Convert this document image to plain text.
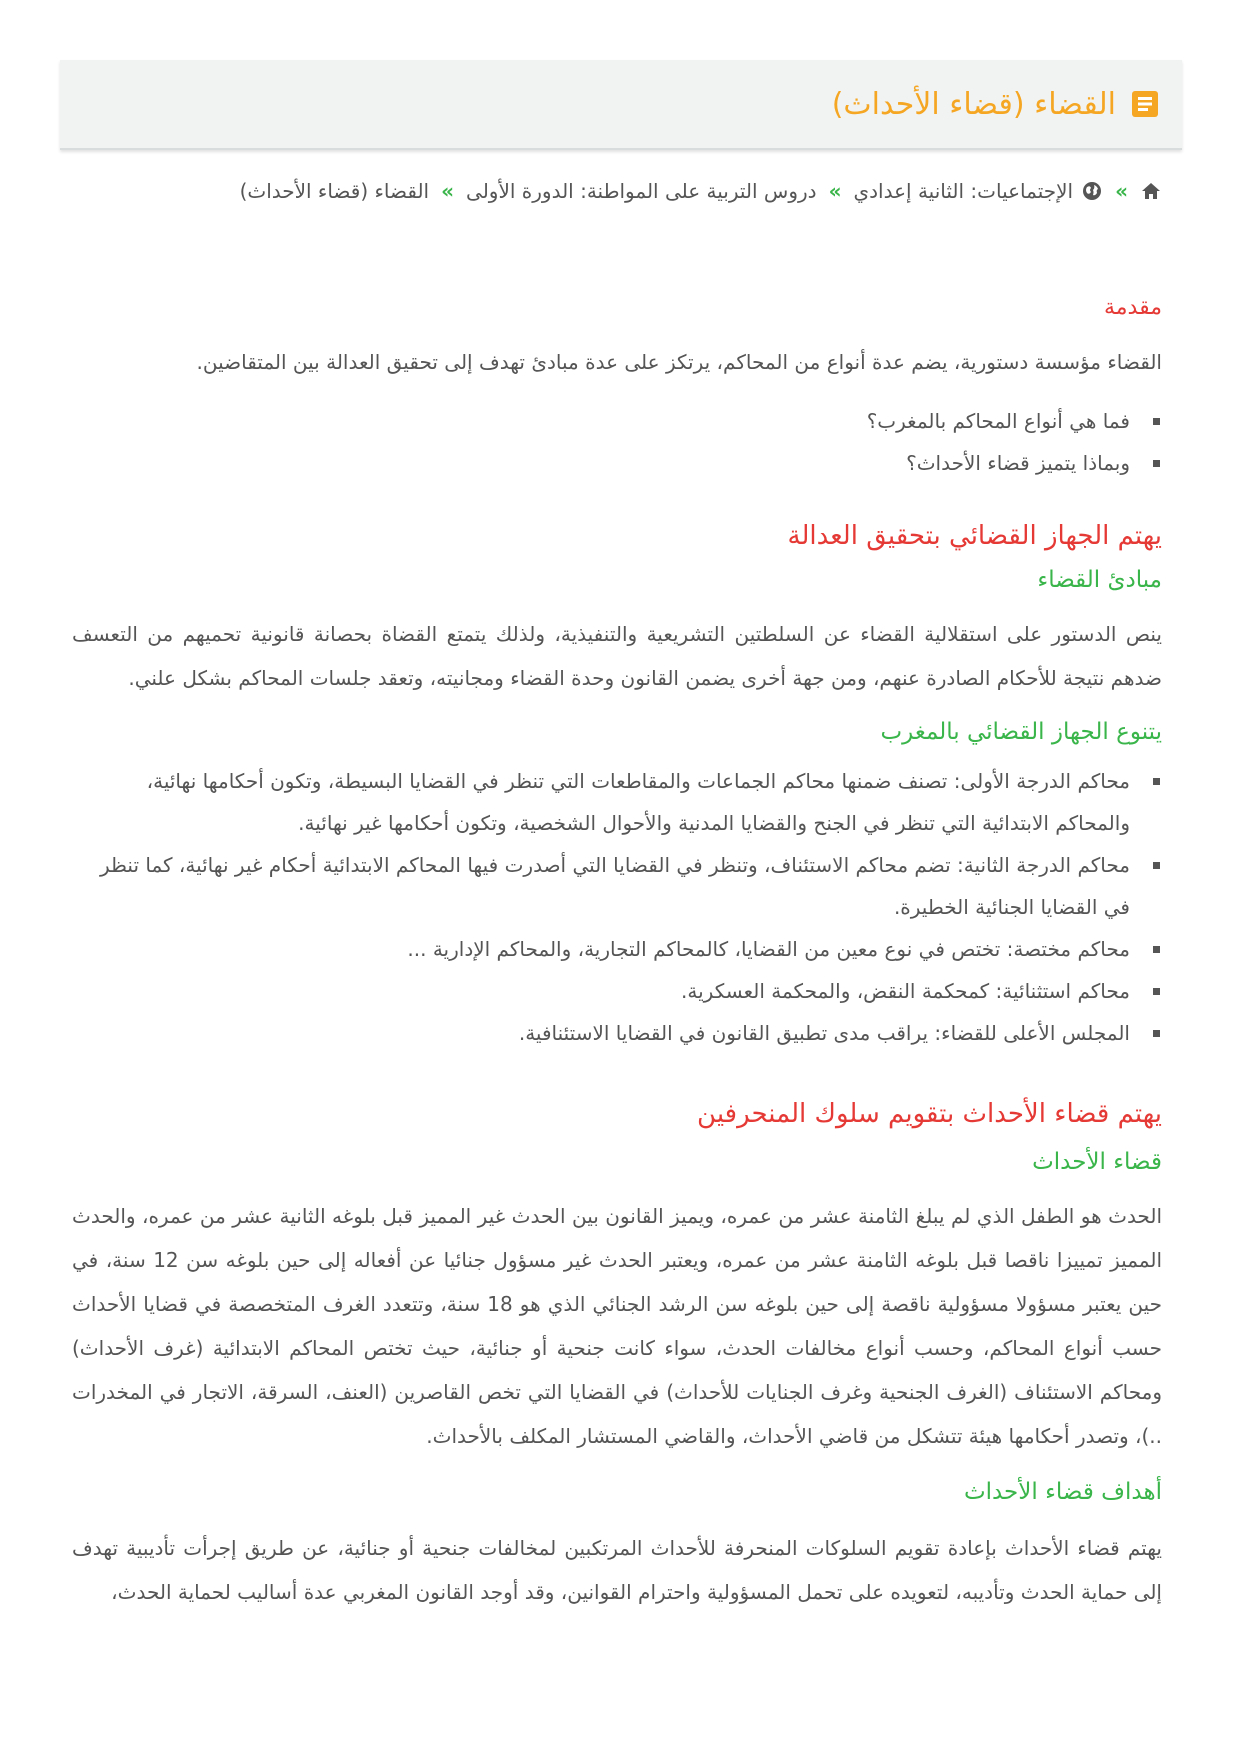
القضاء (قضاء الأحداث)
»
الإجتماعيات: الثانية إعدادي
»
دروس التربية على المواطنة: الدورة الأولى
»
القضاء (قضاء الأحداث)
مقدمة

القضاء مؤسسة دستورية، يضم عدة أنواع من المحاكم، يرتكز على عدة مبادئ تهدف إلى تحقيق العدالة بين المتقاضين.

فما هي أنواع المحاكم بالمغرب؟
وبماذا يتميز قضاء الأحداث؟
يهتم الجهاز القضائي بتحقيق العدالة
مبادئ القضاء

ينص الدستور على استقلالية القضاء عن السلطتين التشريعية والتنفيذية، ولذلك يتمتع القضاة بحصانة قانونية تحميهم من التعسف ضدهم نتيجة للأحكام الصادرة عنهم، ومن جهة أخرى يضمن القانون وحدة القضاء ومجانيته، وتعقد جلسات المحاكم بشكل علني.

يتنوع الجهاز القضائي بالمغرب
محاكم الدرجة الأولى: تصنف ضمنها محاكم الجماعات والمقاطعات التي تنظر في القضايا البسيطة، وتكون أحكامها نهائية، والمحاكم الابتدائية التي تنظر في الجنح والقضايا المدنية والأحوال الشخصية، وتكون أحكامها غير نهائية.
محاكم الدرجة الثانية: تضم محاكم الاستئناف، وتنظر في القضايا التي أصدرت فيها المحاكم الابتدائية أحكام غير نهائية، كما تنظر في القضايا الجنائية الخطيرة.
محاكم مختصة: تختص في نوع معين من القضايا، كالمحاكم التجارية، والمحاكم الإدارية ...
محاكم استثنائية: كمحكمة النقض، والمحكمة العسكرية.
المجلس الأعلى للقضاء: يراقب مدى تطبيق القانون في القضايا الاستئنافية.
يهتم قضاء الأحداث بتقويم سلوك المنحرفين
قضاء الأحداث

الحدث هو الطفل الذي لم يبلغ الثامنة عشر من عمره، ويميز القانون بين الحدث غير المميز قبل بلوغه الثانية عشر من عمره، والحدث المميز تمييزا ناقصا قبل بلوغه الثامنة عشر من عمره، ويعتبر الحدث غير مسؤول جنائيا عن أفعاله إلى حين بلوغه سن 12 سنة، في حين يعتبر مسؤولا مسؤولية ناقصة إلى حين بلوغه سن الرشد الجنائي الذي هو 18 سنة، وتتعدد الغرف المتخصصة في قضايا الأحداث حسب أنواع المحاكم، وحسب أنواع مخالفات الحدث، سواء كانت جنحية أو جنائية، حيث تختص المحاكم الابتدائية (غرف الأحداث) ومحاكم الاستئناف (الغرف الجنحية وغرف الجنايات للأحداث) في القضايا التي تخص القاصرين (العنف، السرقة، الاتجار في المخدرات ..)، وتصدر أحكامها هيئة تتشكل من قاضي الأحداث، والقاضي المستشار المكلف بالأحداث.

أهداف قضاء الأحداث

يهتم قضاء الأحداث بإعادة تقويم السلوكات المنحرفة للأحداث المرتكبين لمخالفات جنحية أو جنائية، عن طريق إجرأت تأديبية تهدف إلى حماية الحدث وتأديبه، لتعويده على تحمل المسؤولية واحترام القوانين، وقد أوجد القانون المغربي عدة أساليب لحماية الحدث،
